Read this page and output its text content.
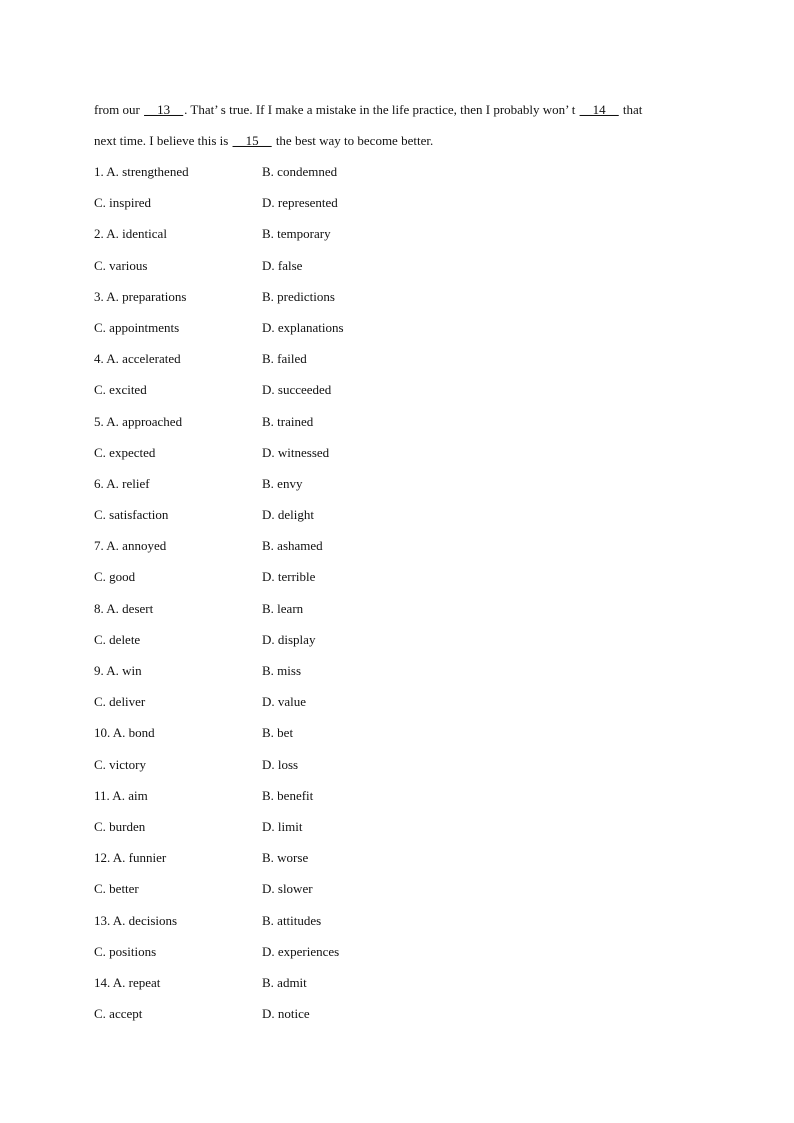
from our __13__. That’ s true. If I make a mistake in the life practice, then I probably won’ t __14__ that
next time. I believe this is __15__ the best way to become better.
1. A. strengthened	B. condemned
C. inspired	D. represented
2. A. identical	B. temporary
C. various	D. false
3. A. preparations	B. predictions
C. appointments	D. explanations
4. A. accelerated	B. failed
C. excited	D. succeeded
5. A. approached	B. trained
C. expected	D. witnessed
6. A. relief	B. envy
C. satisfaction	D. delight
7. A. annoyed	B. ashamed
C. good	D. terrible
8. A. desert	B. learn
C. delete	D. display
9. A. win	B. miss
C. deliver	D. value
10. A. bond	B. bet
C. victory	D. loss
11. A. aim	B. benefit
C. burden	D. limit
12. A. funnier	B. worse
C. better	D. slower
13. A. decisions	B. attitudes
C. positions	D. experiences
14. A. repeat	B. admit
C. accept	D. notice
